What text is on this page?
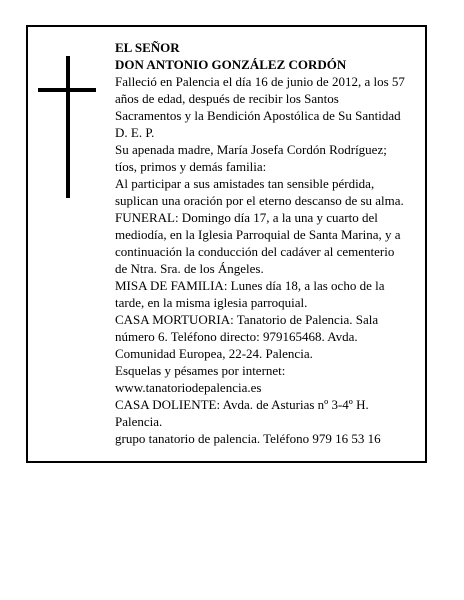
EL SEÑOR
DON ANTONIO GONZÁLEZ CORDÓN
Falleció en Palencia el día 16 de junio de 2012, a los 57
años de edad, después de recibir los Santos
Sacramentos y la Bendición Apostólica de Su Santidad
D. E. P.
Su apenada madre, María Josefa Cordón Rodríguez;
tíos, primos y demás familia:
Al participar a sus amistades tan sensible pérdida,
suplican una oración por el eterno descanso de su alma.
FUNERAL: Domingo día 17, a la una y cuarto del
mediodía, en la Iglesia Parroquial de Santa Marina, y a
continuación la conducción del cadáver al cementerio
de Ntra. Sra. de los Ángeles.
MISA DE FAMILIA: Lunes día 18, a las ocho de la
tarde, en la misma iglesia parroquial.
CASA MORTUORIA: Tanatorio de Palencia. Sala
número 6. Teléfono directo: 979165468. Avda.
Comunidad Europea, 22-24. Palencia.
Esquelas y pésames por internet:
www.tanatoriodepalencia.es
CASA DOLIENTE: Avda. de Asturias nº 3-4º H.
Palencia.
grupo tanatorio de palencia. Teléfono 979 16 53 16
